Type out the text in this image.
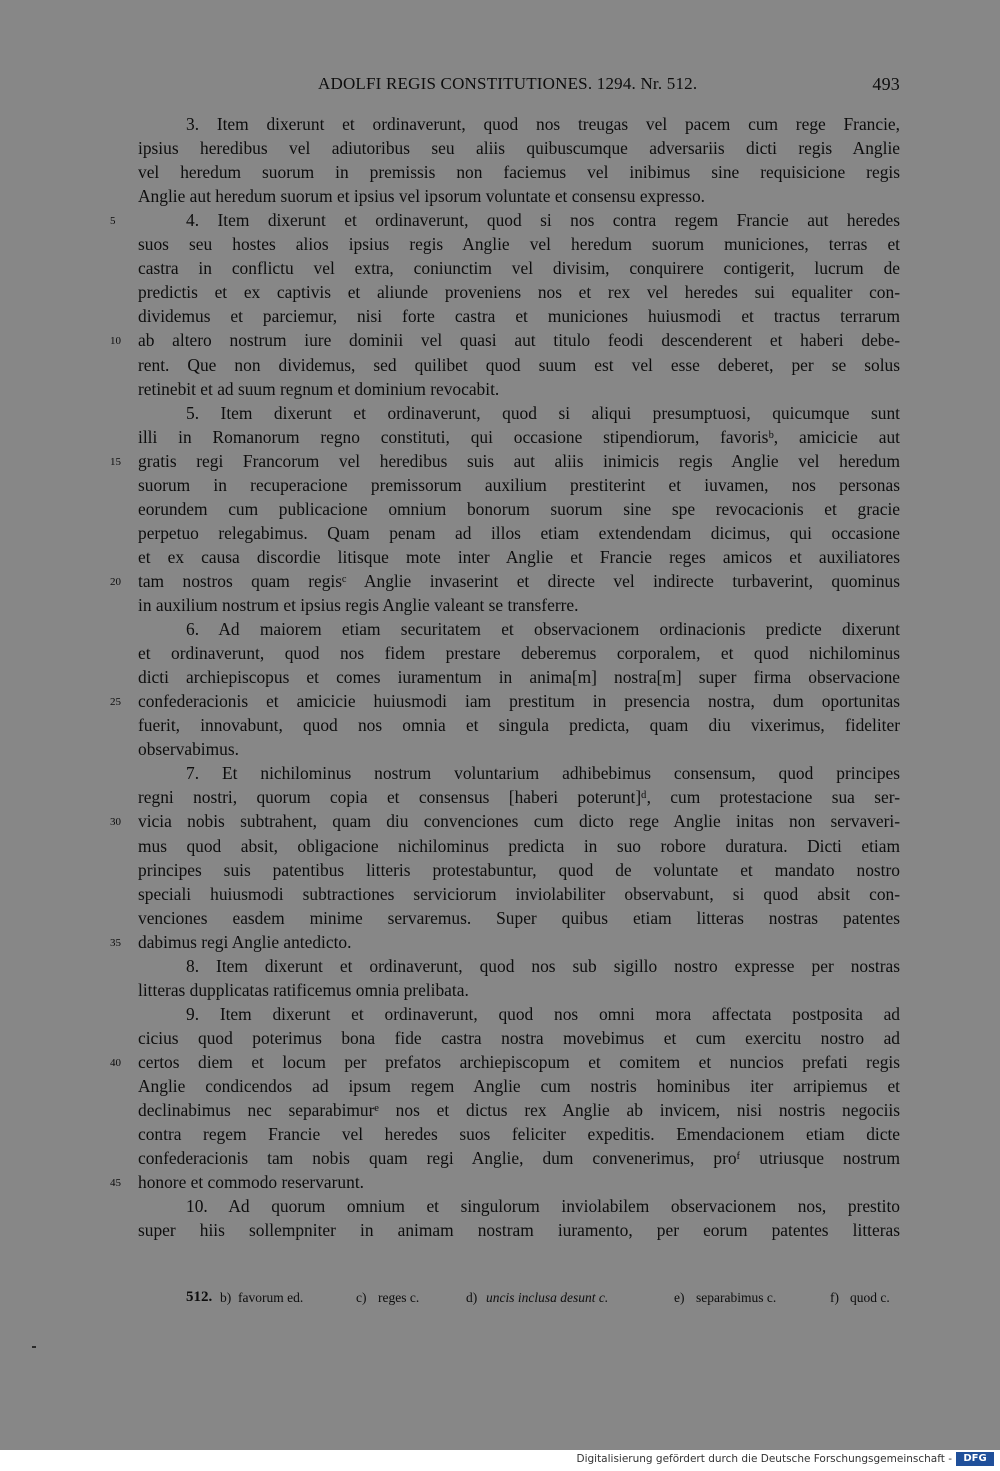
ADOLFI REGIS CONSTITUTIONES. 1294. Nr. 512.	493
3. Item dixerunt et ordinaverunt, quod nos treugas vel pacem cum rege Francie,
ipsius heredibus vel adiutoribus seu aliis quibuscumque adversariis dicti regis Anglie
vel heredum suorum in premissis non faciemus vel inibimus sine requisicione regis
Anglie aut heredum suorum et ipsius vel ipsorum voluntate et consensu expresso.
4. Item dixerunt et ordinaverunt, quod si nos contra regem Francie aut heredes
5
suos seu hostes alios ipsius regis Anglie vel heredum suorum municiones, terras et
castra in conflictu vel extra, coniunctim vel divisim, conquirere contigerit, lucrum de
predictis et ex captivis et aliunde proveniens nos et rex vel heredes sui equaliter con-
dividemus et parciemur, nisi forte castra et municiones huiusmodi et tractus terrarum
ab altero nostrum iure dominii vel quasi aut titulo feodi descenderent et haberi debe-
10
rent. Que non dividemus, sed quilibet quod suum est vel esse deberet, per se solus
retinebit et ad suum regnum et dominium revocabit.
5. Item dixerunt et ordinaverunt, quod si aliqui presumptuosi, quicumque sunt
illi in Romanorum regno constituti, qui occasione stipendiorum, favorisᵇ, amicicie aut
gratis regi Francorum vel heredibus suis aut aliis inimicis regis Anglie vel heredum
15
suorum in recuperacione premissorum auxilium prestiterint et iuvamen, nos personas
eorundem cum publicacione omnium bonorum suorum sine spe revocacionis et gracie
perpetuo relegabimus. Quam penam ad illos etiam extendendam dicimus, qui occasione
et ex causa discordie litisque mote inter Anglie et Francie reges amicos et auxiliatores
tam nostros quam regisᶜ Anglie invaserint et directe vel indirecte turbaverint, quominus
20
in auxilium nostrum et ipsius regis Anglie valeant se transferre.
6. Ad maiorem etiam securitatem et observacionem ordinacionis predicte dixerunt
et ordinaverunt, quod nos fidem prestare deberemus corporalem, et quod nichilominus
dicti archiepiscopus et comes iuramentum in anima[m] nostra[m] super firma observacione
confederacionis et amicicie huiusmodi iam prestitum in presencia nostra, dum oportunitas
25
fuerit, innovabunt, quod nos omnia et singula predicta, quam diu vixerimus, fideliter
observabimus.
7. Et nichilominus nostrum voluntarium adhibebimus consensum, quod principes
regni nostri, quorum copia et consensus [haberi poterunt]ᵈ, cum protestacione sua ser-
vicia nobis subtrahent, quam diu convenciones cum dicto rege Anglie initas non servaveri-
30
mus quod absit, obligacione nichilominus predicta in suo robore duratura. Dicti etiam
principes suis patentibus litteris protestabuntur, quod de voluntate et mandato nostro
speciali huiusmodi subtractiones serviciorum inviolabiliter observabunt, si quod absit con-
venciones easdem minime servaremus. Super quibus etiam litteras nostras patentes
dabimus regi Anglie antedicto.
35
8. Item dixerunt et ordinaverunt, quod nos sub sigillo nostro expresse per nostras
litteras dupplicatas ratificemus omnia prelibata.
9. Item dixerunt et ordinaverunt, quod nos omni mora affectata postposita ad
cicius quod poterimus bona fide castra nostra movebimus et cum exercitu nostro ad
certos diem et locum per prefatos archiepiscopum et comitem et nuncios prefati regis
40
Anglie condicendos ad ipsum regem Anglie cum nostris hominibus iter arripiemus et
declinabimus nec separabimurᵉ nos et dictus rex Anglie ab invicem, nisi nostris negociis
contra regem Francie vel heredes suos feliciter expeditis. Emendacionem etiam dicte
confederacionis tam nobis quam regi Anglie, dum convenerimus, proᶠ utriusque nostrum
honore et commodo reservarunt.
45
10. Ad quorum omnium et singulorum inviolabilem observacionem nos, prestito
super hiis sollempniter in animam nostram iuramento, per eorum patentes litteras
512. b) favorum ed.	c) reges c.	d) uncis inclusa desunt c.	e) separabimus c.	f) quod c.
Digitalisierung gefördert durch die Deutsche Forschungsgemeinschaft -	DFG
